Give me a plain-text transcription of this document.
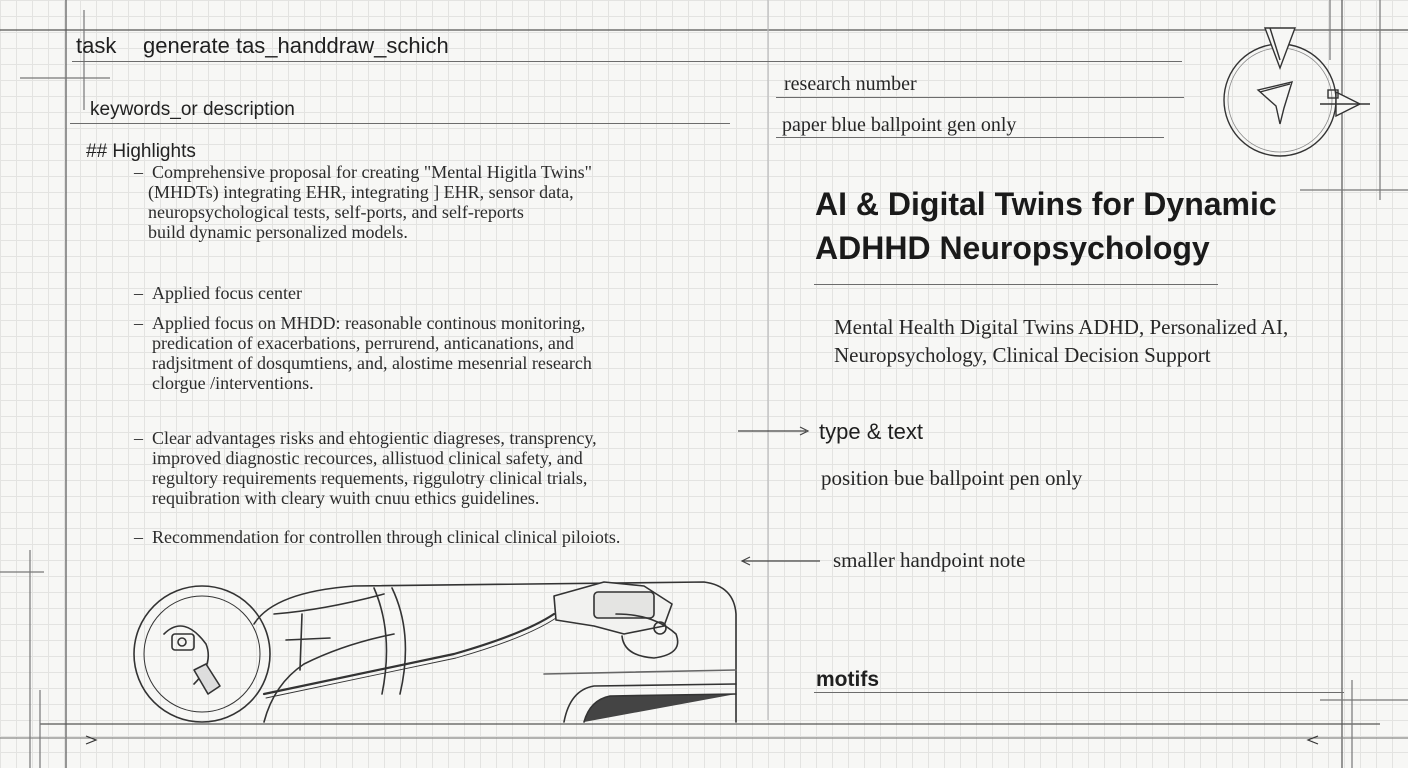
task generate tas_handdraw_schich
keywords_or description
## Highlights
– Comprehensive proposal for creating "Mental Higitla Twins"
(MHDTs) integrating EHR, integrating ] EHR, sensor data,
neuropsychological tests, self-ports, and self-reports
build dynamic personalized models.
– Applied focus center
– Applied focus on MHDD: reasonable continous monitoring,
predication of exacerbations, perrurend, anticanations, and
radjsitment of dosqumtiens, and, alostime mesenrial research
clorgue /interventions.
– Clear advantages risks and ehtogientic diagreses, transprency,
improved diagnostic recources, allistuod clinical safety, and
regultory requirements requements, riggulotry clinical trials,
requibration with cleary wuith cnuu ethics guidelines.
– Recommendation for controllen through clinical clinical piloiots.
research number
paper blue ballpoint gen only
AI & Digital Twins for Dynamic
ADHHD Neuropsychology
Mental Health Digital Twins ADHD, Personalized AI,
Neuropsychology, Clinical Decision Support
type & text
position bue ballpoint pen only
smaller handpoint note
motifs
